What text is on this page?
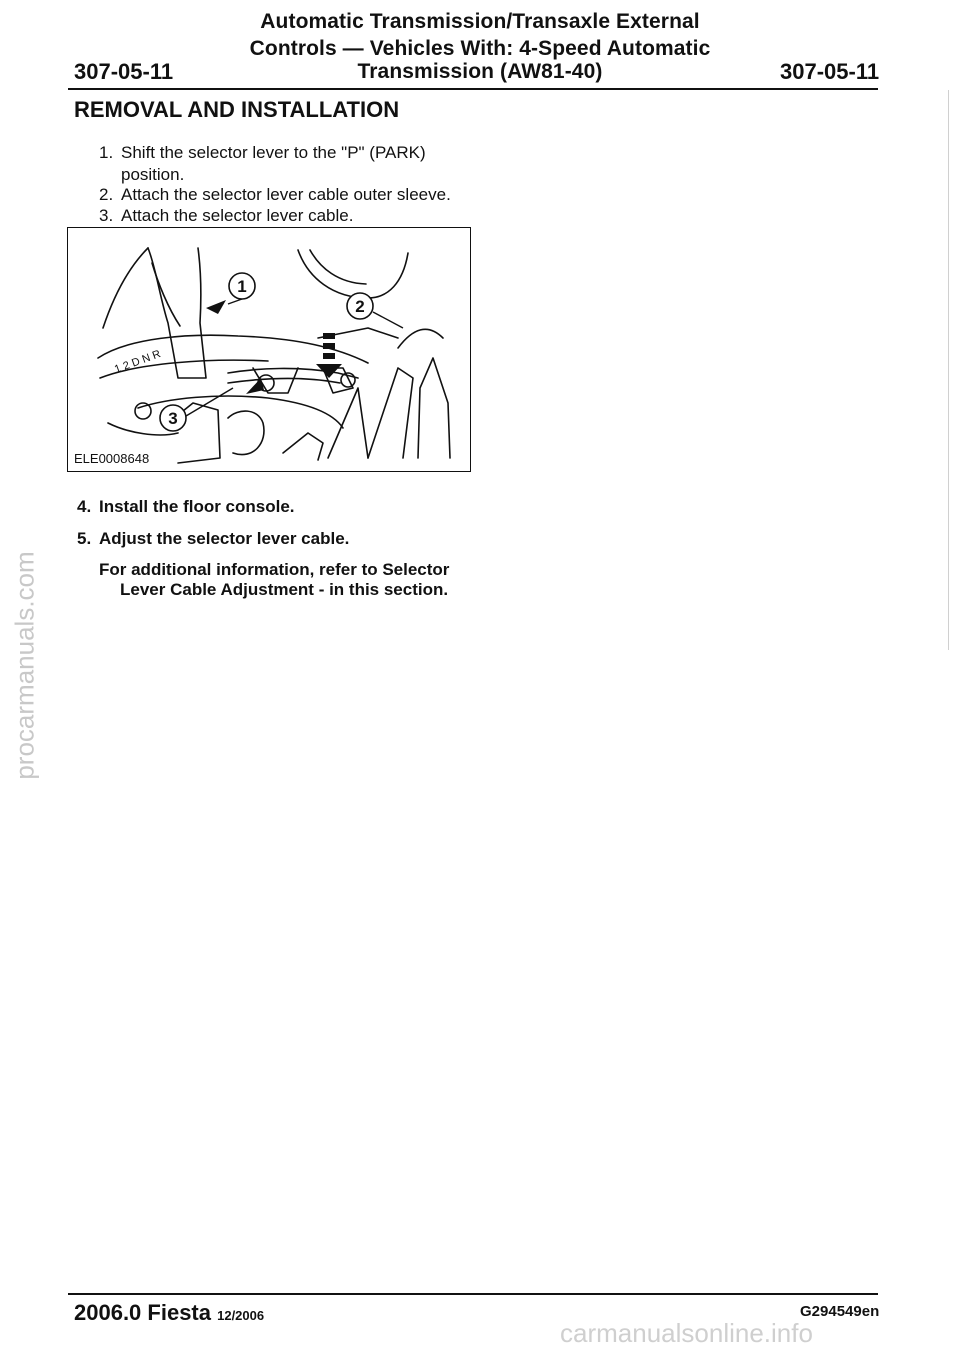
Automatic Transmission/Transaxle External
Controls — Vehicles With: 4-Speed Automatic
Transmission (AW81-40)
307-05-11	307-05-11
REMOVAL AND INSTALLATION
1. Shift the selector lever to the "P" (PARK)
position.
2. Attach the selector lever cable outer sleeve.
3. Attach the selector lever cable.
1 2 D N R
1
2
3
ELE0008648
4. Install the floor console.
5. Adjust the selector lever cable.
For additional information, refer to Selector
Lever Cable Adjustment - in this section.
2006.0 Fiesta 12/2006	G294549en
procarmanuals.com
carmanualsonline.info
